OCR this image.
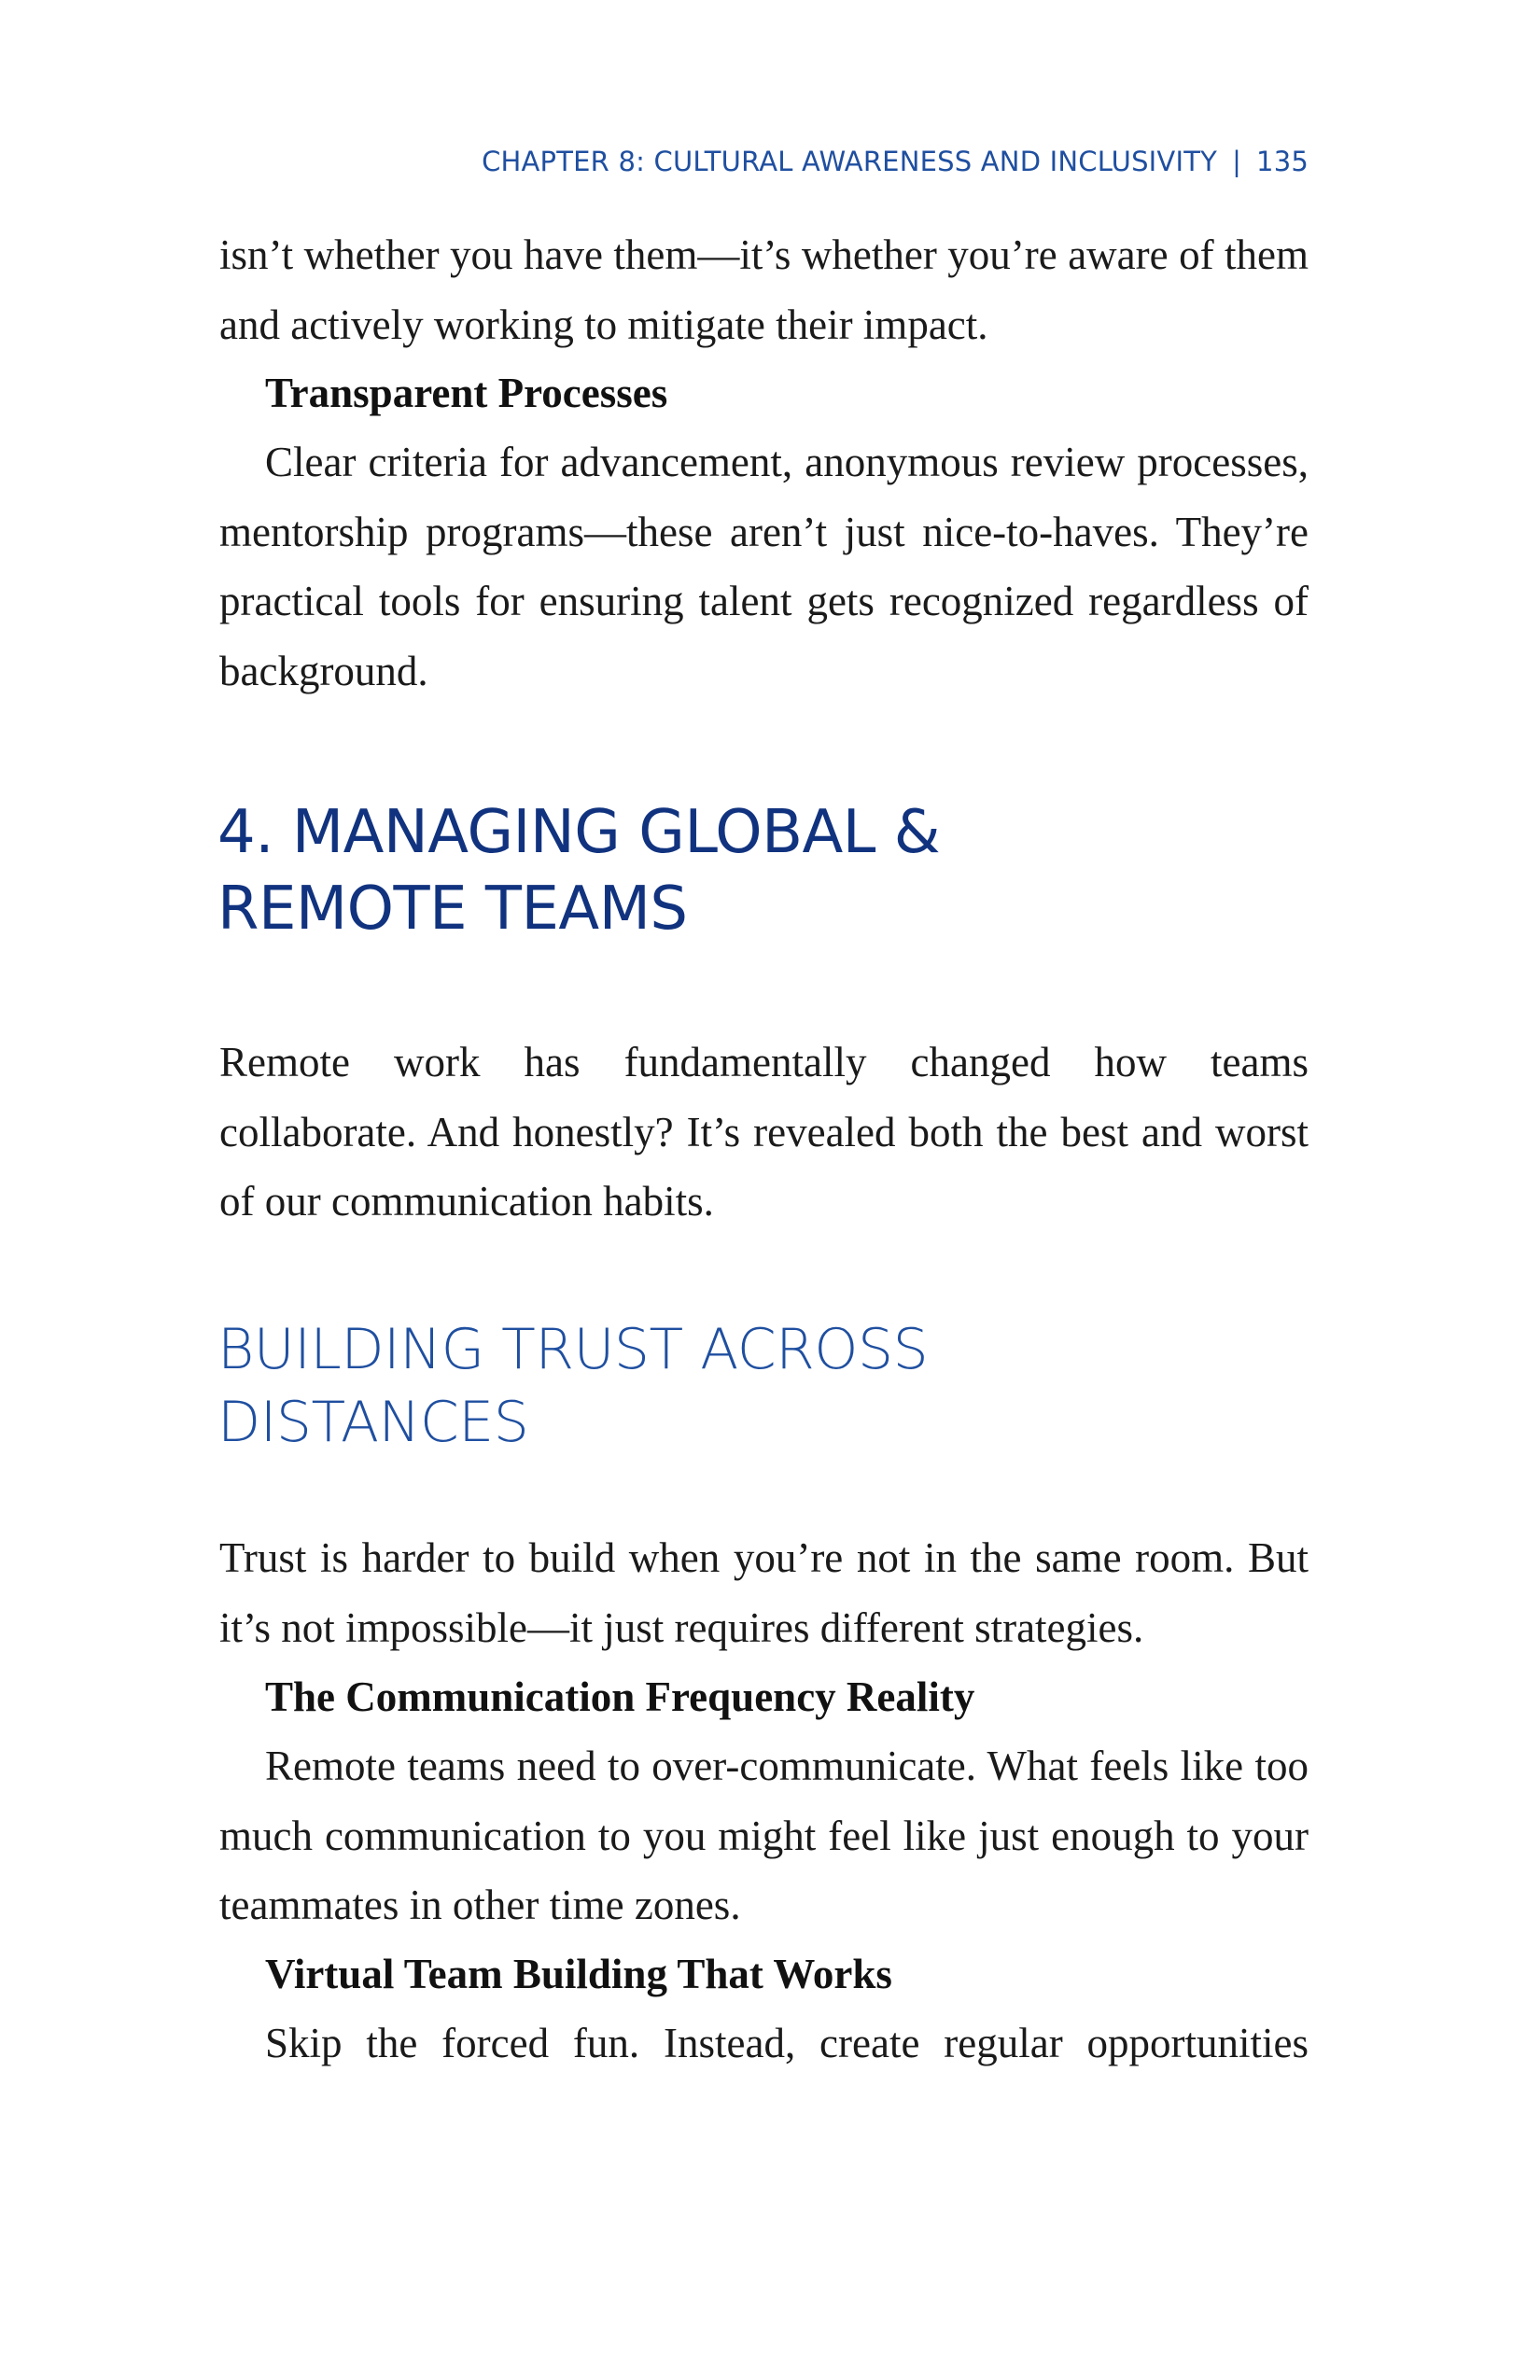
CHAPTER 8: CULTURAL AWARENESS AND INCLUSIVITY | 135

isn’t whether you have them—it’s whether you’re aware of them and actively working to mitigate their impact.

Transparent Processes

Clear criteria for advancement, anonymous review processes, mentorship programs—these aren’t just nice-to-haves. They’re practical tools for ensuring talent gets recognized regardless of background.

4. MANAGING GLOBAL &
REMOTE TEAMS

Remote work has fundamentally changed how teams collaborate. And honestly? It’s revealed both the best and worst of our communication habits.

BUILDING TRUST ACROSS
DISTANCES

Trust is harder to build when you’re not in the same room. But it’s not impossible—it just requires different strategies.

The Communication Frequency Reality

Remote teams need to over-communicate. What feels like too much communication to you might feel like just enough to your teammates in other time zones.

Virtual Team Building That Works

Skip the forced fun. Instead, create regular opportunities
